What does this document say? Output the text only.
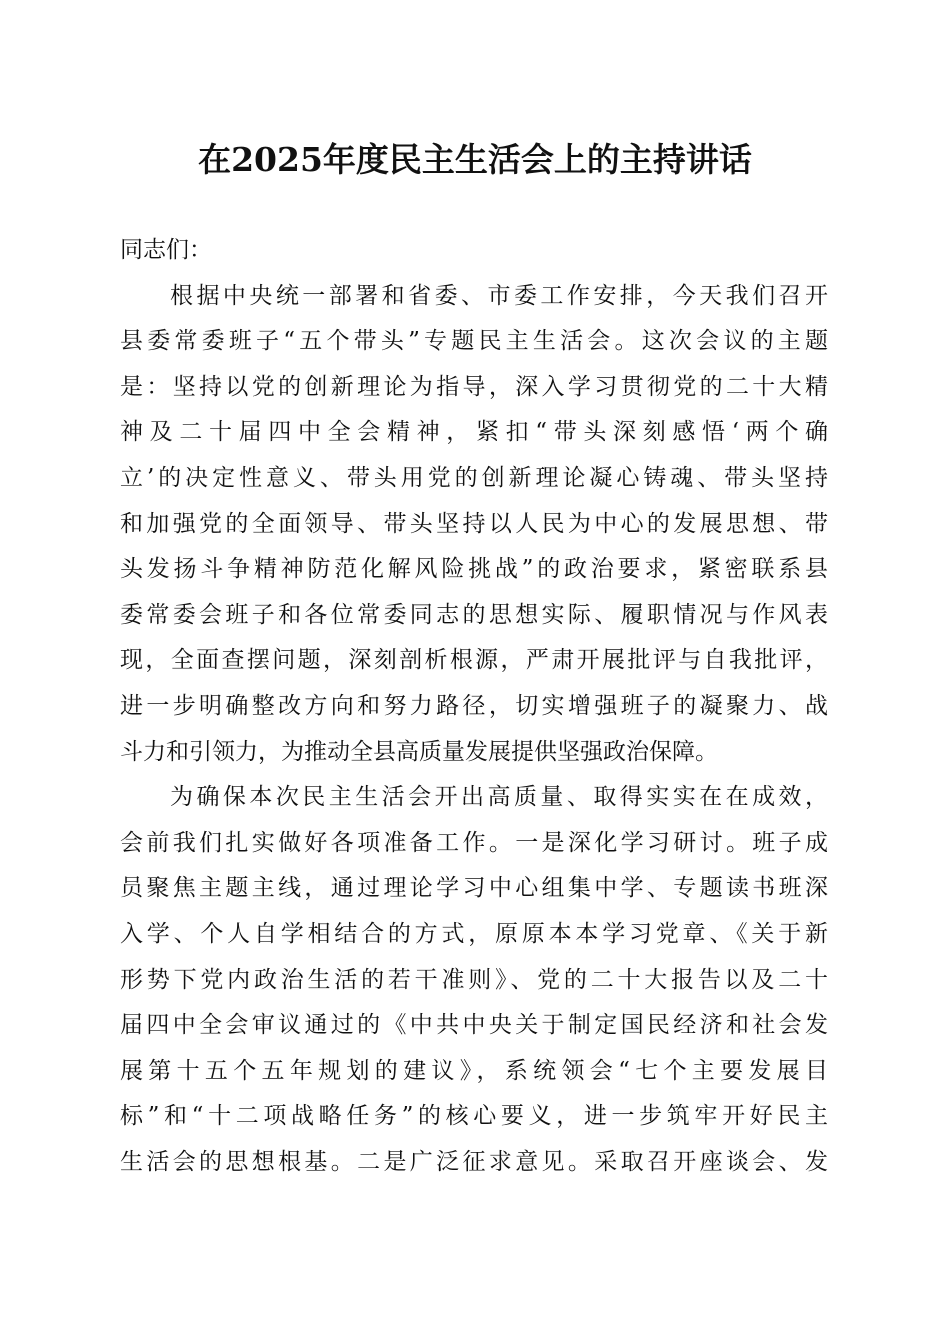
在2025年度民主生活会上的主持讲话
同志们：
根据中央统一部署和省委、市委工作安排，今天我们召开
县委常委班子“五个带头”专题民主生活会。这次会议的主题
是：坚持以党的创新理论为指导，深入学习贯彻党的二十大精
神及二十届四中全会精神，紧扣“带头深刻感悟‘两个确
立’的决定性意义、带头用党的创新理论凝心铸魂、带头坚持
和加强党的全面领导、带头坚持以人民为中心的发展思想、带
头发扬斗争精神防范化解风险挑战”的政治要求，紧密联系县
委常委会班子和各位常委同志的思想实际、履职情况与作风表
现，全面查摆问题，深刻剖析根源，严肃开展批评与自我批评，
进一步明确整改方向和努力路径，切实增强班子的凝聚力、战
斗力和引领力，为推动全县高质量发展提供坚强政治保障。
为确保本次民主生活会开出高质量、取得实实在在成效，
会前我们扎实做好各项准备工作。一是深化学习研讨。班子成
员聚焦主题主线，通过理论学习中心组集中学、专题读书班深
入学、个人自学相结合的方式，原原本本学习党章、《关于新
形势下党内政治生活的若干准则》、党的二十大报告以及二十
届四中全会审议通过的《中共中央关于制定国民经济和社会发
展第十五个五年规划的建议》，系统领会“七个主要发展目
标”和“十二项战略任务”的核心要义，进一步筑牢开好民主
生活会的思想根基。二是广泛征求意见。采取召开座谈会、发
